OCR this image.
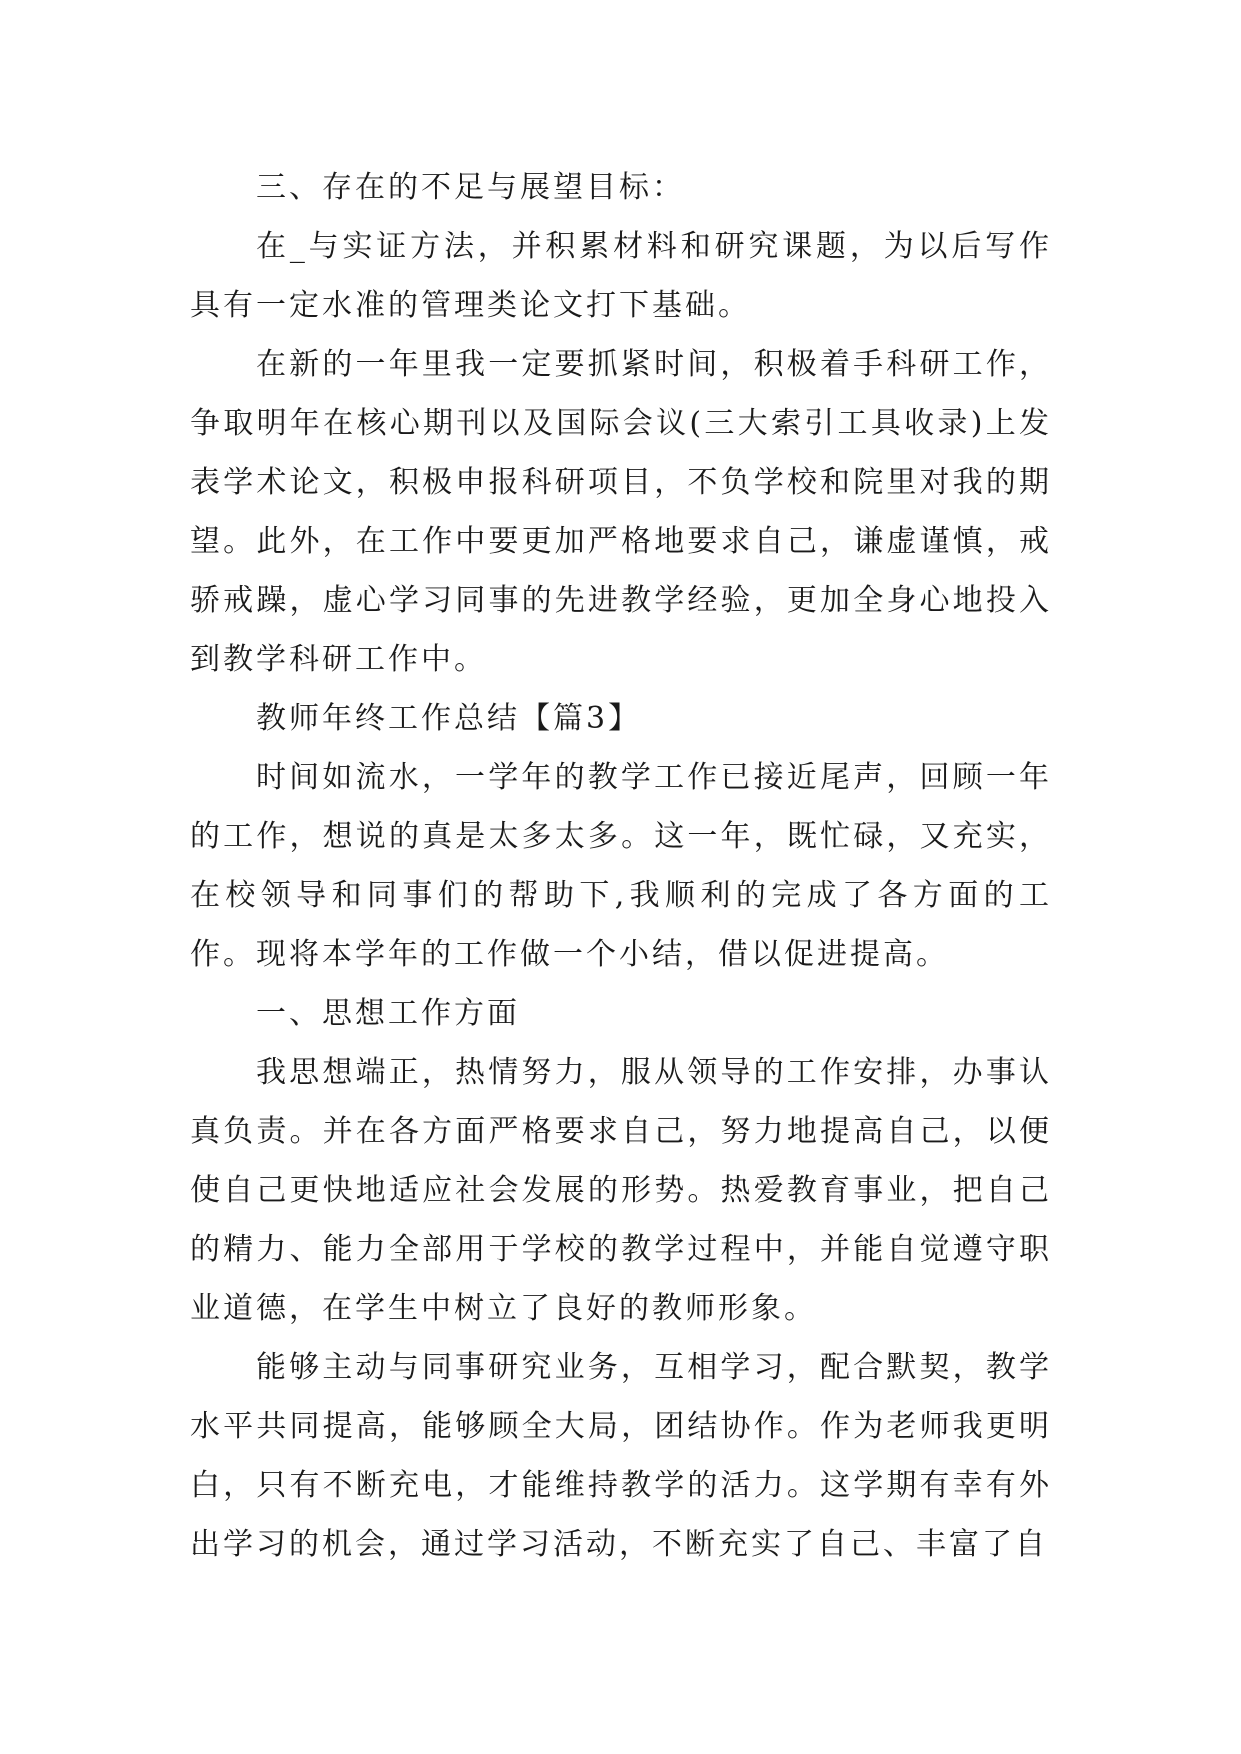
三、存在的不足与展望目标：

在_与实证方法，并积累材料和研究课题，为以后写作具有一定水准的管理类论文打下基础。

在新的一年里我一定要抓紧时间，积极着手科研工作，争取明年在核心期刊以及国际会议(三大索引工具收录)上发表学术论文，积极申报科研项目，不负学校和院里对我的期望。此外，在工作中要更加严格地要求自己，谦虚谨慎，戒骄戒躁，虚心学习同事的先进教学经验，更加全身心地投入到教学科研工作中。

教师年终工作总结【篇3】

时间如流水，一学年的教学工作已接近尾声，回顾一年的工作，想说的真是太多太多。这一年，既忙碌，又充实，在校领导和同事们的帮助下,我顺利的完成了各方面的工作。现将本学年的工作做一个小结，借以促进提高。

一、思想工作方面

我思想端正，热情努力，服从领导的工作安排，办事认真负责。并在各方面严格要求自己，努力地提高自己，以便使自己更快地适应社会发展的形势。热爱教育事业，把自己的精力、能力全部用于学校的教学过程中，并能自觉遵守职业道德，在学生中树立了良好的教师形象。

能够主动与同事研究业务，互相学习，配合默契，教学水平共同提高，能够顾全大局，团结协作。作为老师我更明白，只有不断充电，才能维持教学的活力。这学期有幸有外出学习的机会，通过学习活动，不断充实了自己、丰富了自
